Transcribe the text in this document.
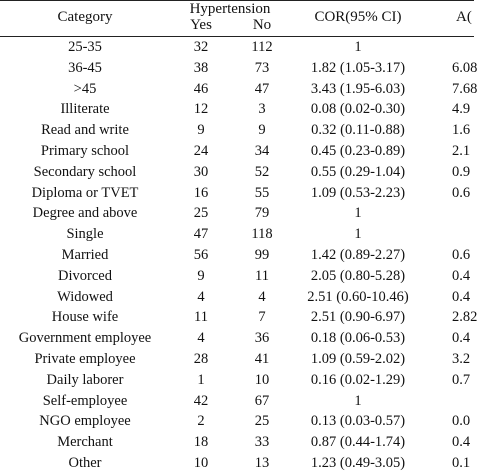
Category	Hypertension
Yes	No	COR(95% CI)	A(
25-35	32	112	1
36-45	38	73	1.82 (1.05-3.17)	6.08
>45	46	47	3.43 (1.95-6.03)	7.68
Illiterate	12	3	0.08 (0.02-0.30)	4.9
Read and write	9	9	0.32 (0.11-0.88)	1.6
Primary school	24	34	0.45 (0.23-0.89)	2.1
Secondary school	30	52	0.55 (0.29-1.04)	0.9
Diploma or TVET	16	55	1.09 (0.53-2.23)	0.6
Degree and above	25	79	1
Single	47	118	1
Married	56	99	1.42 (0.89-2.27)	0.6
Divorced	9	11	2.05 (0.80-5.28)	0.4
Widowed	4	4	2.51 (0.60-10.46)	0.4
House wife	11	7	2.51 (0.90-6.97)	2.82
Government employee	4	36	0.18 (0.06-0.53)	0.4
Private employee	28	41	1.09 (0.59-2.02)	3.2
Daily laborer	1	10	0.16 (0.02-1.29)	0.7
Self-employee	42	67	1
NGO employee	2	25	0.13 (0.03-0.57)	0.0
Merchant	18	33	0.87 (0.44-1.74)	0.4
Other	10	13	1.23 (0.49-3.05)	0.1
